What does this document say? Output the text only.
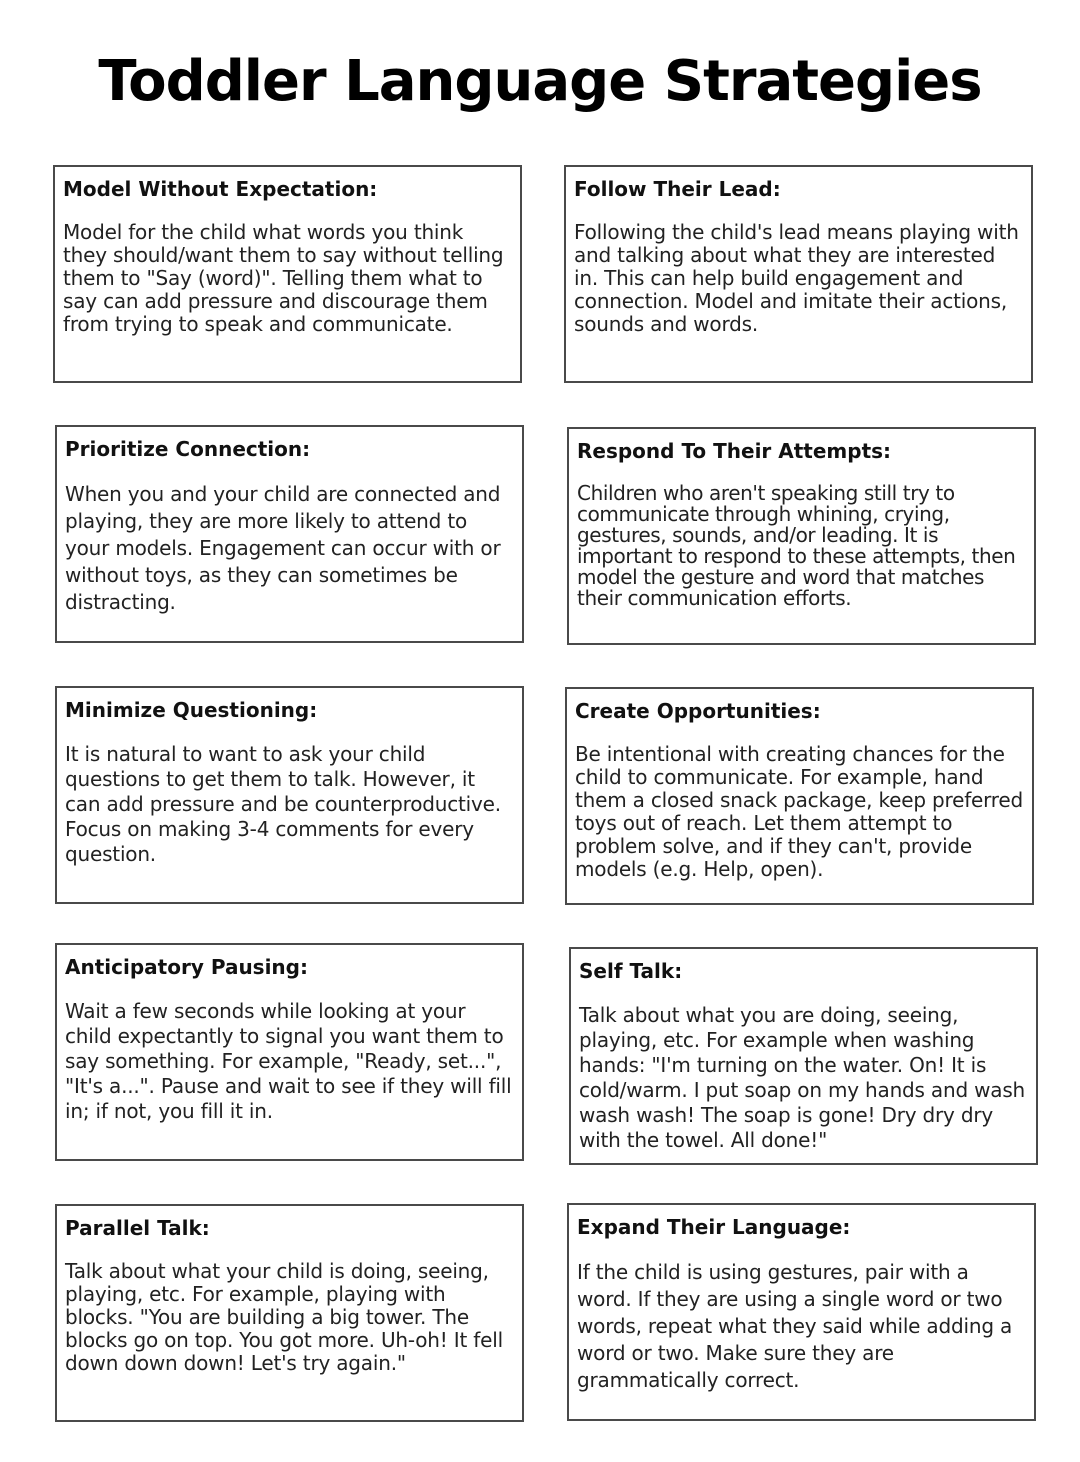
Toddler Language Strategies
Model Without Expectation:

Model for the child what words you think they should/want them to say without telling them to "Say (word)". Telling them what to say can add pressure and discourage them from trying to speak and communicate.

Follow Their Lead:

Following the child's lead means playing with and talking about what they are interested in. This can help build engagement and connection. Model and imitate their actions, sounds and words.

Prioritize Connection:

When you and your child are connected and playing, they are more likely to attend to your models. Engagement can occur with or without toys, as they can sometimes be distracting.

Respond To Their Attempts:

Children who aren't speaking still try to communicate through whining, crying, gestures, sounds, and/or leading. It is important to respond to these attempts, then model the gesture and word that matches their communication efforts.

Minimize Questioning:

It is natural to want to ask your child questions to get them to talk. However, it can add pressure and be counterproductive. Focus on making 3-4 comments for every question.

Create Opportunities:

Be intentional with creating chances for the child to communicate. For example, hand them a closed snack package, keep preferred toys out of reach. Let them attempt to problem solve, and if they can't, provide models (e.g. Help, open).

Anticipatory Pausing:

Wait a few seconds while looking at your child expectantly to signal you want them to say something. For example, "Ready, set...", "It's a...". Pause and wait to see if they will fill in; if not, you fill it in.

Self Talk:

Talk about what you are doing, seeing, playing, etc. For example when washing hands: "I'm turning on the water. On! It is cold/warm. I put soap on my hands and wash wash wash! The soap is gone! Dry dry dry with the towel. All done!"

Parallel Talk:

Talk about what your child is doing, seeing, playing, etc. For example, playing with blocks. "You are building a big tower. The blocks go on top. You got more. Uh-oh! It fell down down down! Let's try again."

Expand Their Language:

If the child is using gestures, pair with a word. If they are using a single word or two words, repeat what they said while adding a word or two. Make sure they are grammatically correct.
